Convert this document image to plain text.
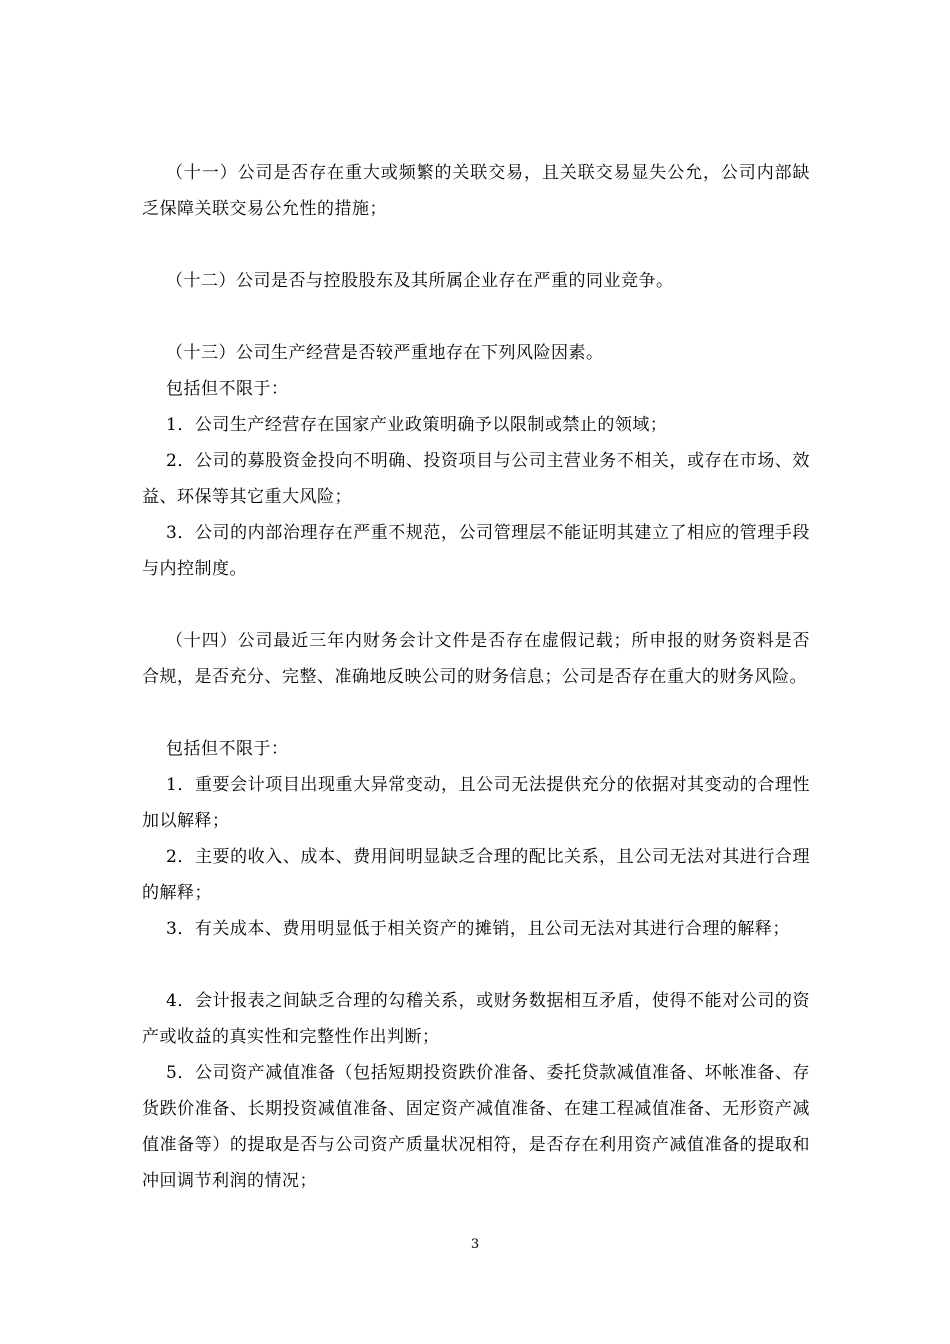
（十一）公司是否存在重大或频繁的关联交易，且关联交易显失公允，公司内部缺乏保障关联交易公允性的措施；

（十二）公司是否与控股股东及其所属企业存在严重的同业竞争。

（十三）公司生产经营是否较严重地存在下列风险因素。

包括但不限于：

1．公司生产经营存在国家产业政策明确予以限制或禁止的领域；

2．公司的募股资金投向不明确、投资项目与公司主营业务不相关，或存在市场、效益、环保等其它重大风险；

3．公司的内部治理存在严重不规范，公司管理层不能证明其建立了相应的管理手段与内控制度。

（十四）公司最近三年内财务会计文件是否存在虚假记载；所申报的财务资料是否合规，是否充分、完整、准确地反映公司的财务信息；公司是否存在重大的财务风险。

包括但不限于：

1．重要会计项目出现重大异常变动，且公司无法提供充分的依据对其变动的合理性加以解释；

2．主要的收入、成本、费用间明显缺乏合理的配比关系，且公司无法对其进行合理的解释；

3．有关成本、费用明显低于相关资产的摊销，且公司无法对其进行合理的解释；

4．会计报表之间缺乏合理的勾稽关系，或财务数据相互矛盾，使得不能对公司的资产或收益的真实性和完整性作出判断；

5．公司资产减值准备（包括短期投资跌价准备、委托贷款减值准备、坏帐准备、存货跌价准备、长期投资减值准备、固定资产减值准备、在建工程减值准备、无形资产减值准备等）的提取是否与公司资产质量状况相符，是否存在利用资产减值准备的提取和冲回调节利润的情况；

3
